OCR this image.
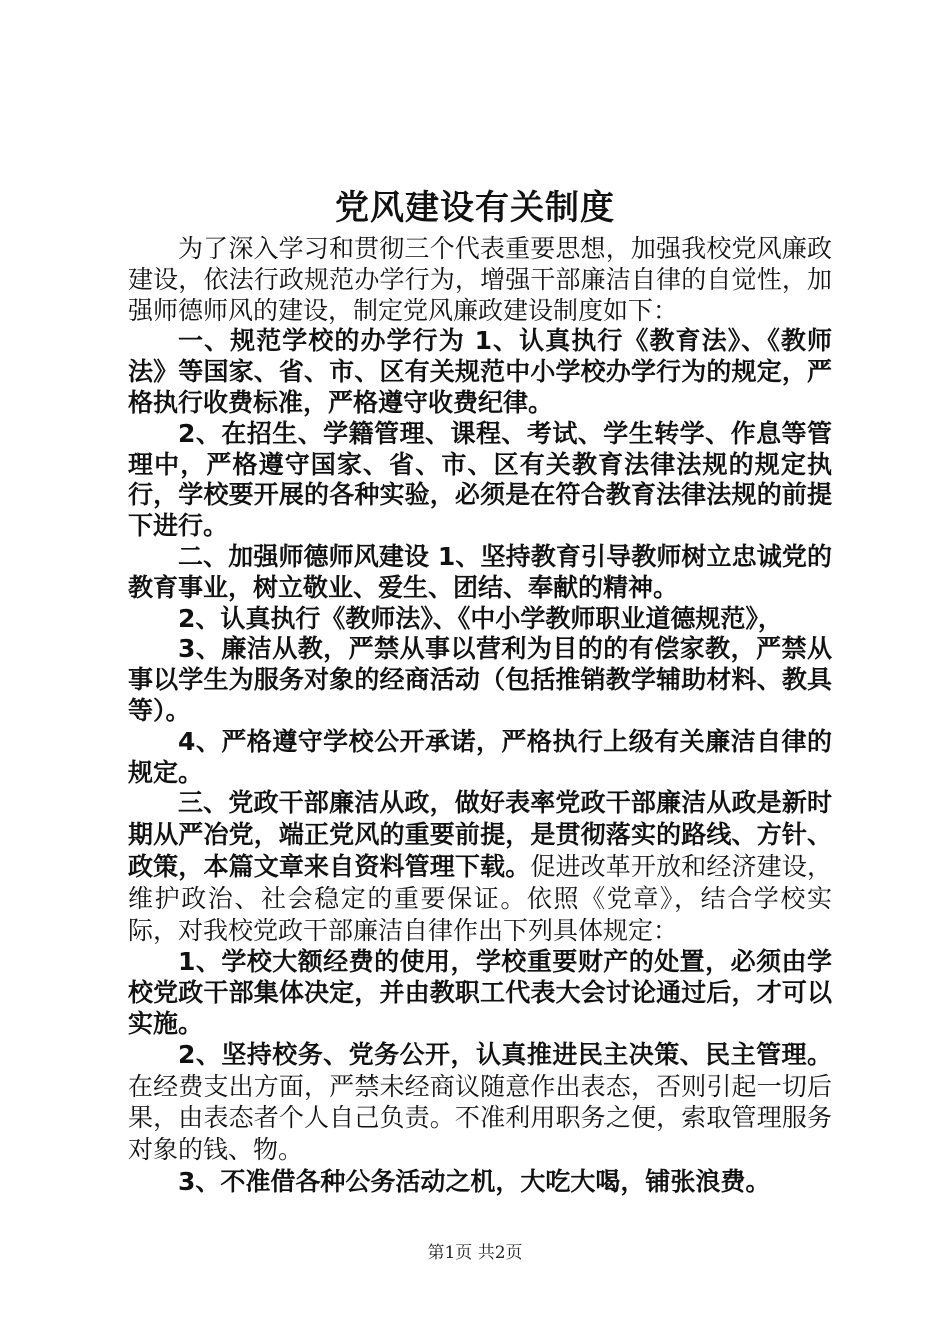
党风建设有关制度

为了深入学习和贯彻三个代表重要思想，加强我校党风廉政建设，依法行政规范办学行为，增强干部廉洁自律的自觉性，加强师德师风的建设，制定党风廉政建设制度如下：

一、规范学校的办学行为 1、认真执行《教育法》、《教师法》等国家、省、市、区有关规范中小学校办学行为的规定，严格执行收费标准，严格遵守收费纪律。

2、在招生、学籍管理、课程、考试、学生转学、作息等管理中，严格遵守国家、省、市、区有关教育法律法规的规定执行，学校要开展的各种实验，必须是在符合教育法律法规的前提下进行。

二、加强师德师风建设 1、坚持教育引导教师树立忠诚党的教育事业，树立敬业、爱生、团结、奉献的精神。

2、认真执行《教师法》、《中小学教师职业道德规范》，

3、廉洁从教，严禁从事以营利为目的的有偿家教，严禁从事以学生为服务对象的经商活动（包括推销教学辅助材料、教具等）。

4、严格遵守学校公开承诺，严格执行上级有关廉洁自律的规定。

三、党政干部廉洁从政，做好表率党政干部廉洁从政是新时期从严冶党，端正党风的重要前提，是贯彻落实的路线、方针、政策，本篇文章来自资料管理下载。促进改革开放和经济建设，维护政治、社会稳定的重要保证。依照《党章》，结合学校实际，对我校党政干部廉洁自律作出下列具体规定：

1、学校大额经费的使用，学校重要财产的处置，必须由学校党政干部集体决定，并由教职工代表大会讨论通过后，才可以实施。

2、坚持校务、党务公开，认真推进民主决策、民主管理。在经费支出方面，严禁未经商议随意作出表态，否则引起一切后果，由表态者个人自己负责。不准利用职务之便，索取管理服务对象的钱、物。

3、不准借各种公务活动之机，大吃大喝，铺张浪费。

第1页 共2页
